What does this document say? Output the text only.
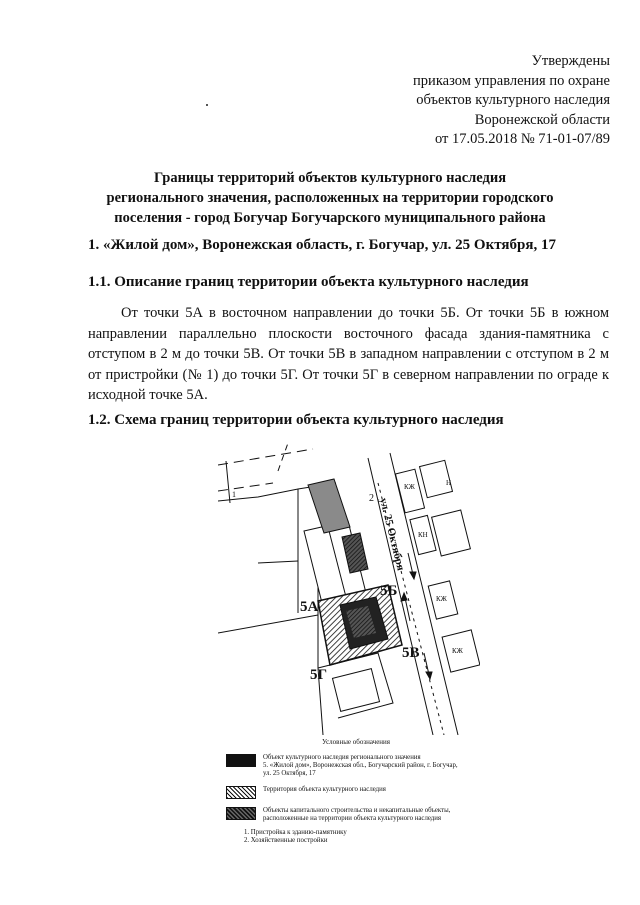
Утверждены
приказом управления по охране
объектов культурного наследия
Воронежской области
от 17.05.2018 № 71-01-07/89
Границы территорий объектов культурного наследия
регионального значения, расположенных на территории городского
поселения - город Богучар Богучарского муниципального района
1. «Жилой дом», Воронежская область, г. Богучар, ул. 25 Октября, 17
1.1. Описание границ территории объекта культурного наследия
От точки 5А в восточном направлении до точки 5Б. От точки 5Б в южном направлении параллельно плоскости восточного фасада здания-памятника с отступом в 2 м до точки 5В. От точки 5В в западном направлении с отступом в 2 м от пристройки (№ 1) до точки 5Г. От точки 5Г в северном направлении по ограде к исходной точке 5А.
1.2. Схема границ территории объекта культурного наследия
ул. 25 Октября
2
КЖ
КН
Н
КЖ
КЖ
1
5А
5Б
5В
5Г
Условные обозначения
Объект культурного наследия регионального значения
5. «Жилой дом», Воронежская обл., Богучарский район, г. Богучар,
ул. 25 Октября, 17
Территория объекта культурного наследия
Объекты капитального строительства и некапитальные объекты,
расположенные на территории объекта культурного наследия
1. Пристройка к зданию-памятнику
2. Хозяйственные постройки
